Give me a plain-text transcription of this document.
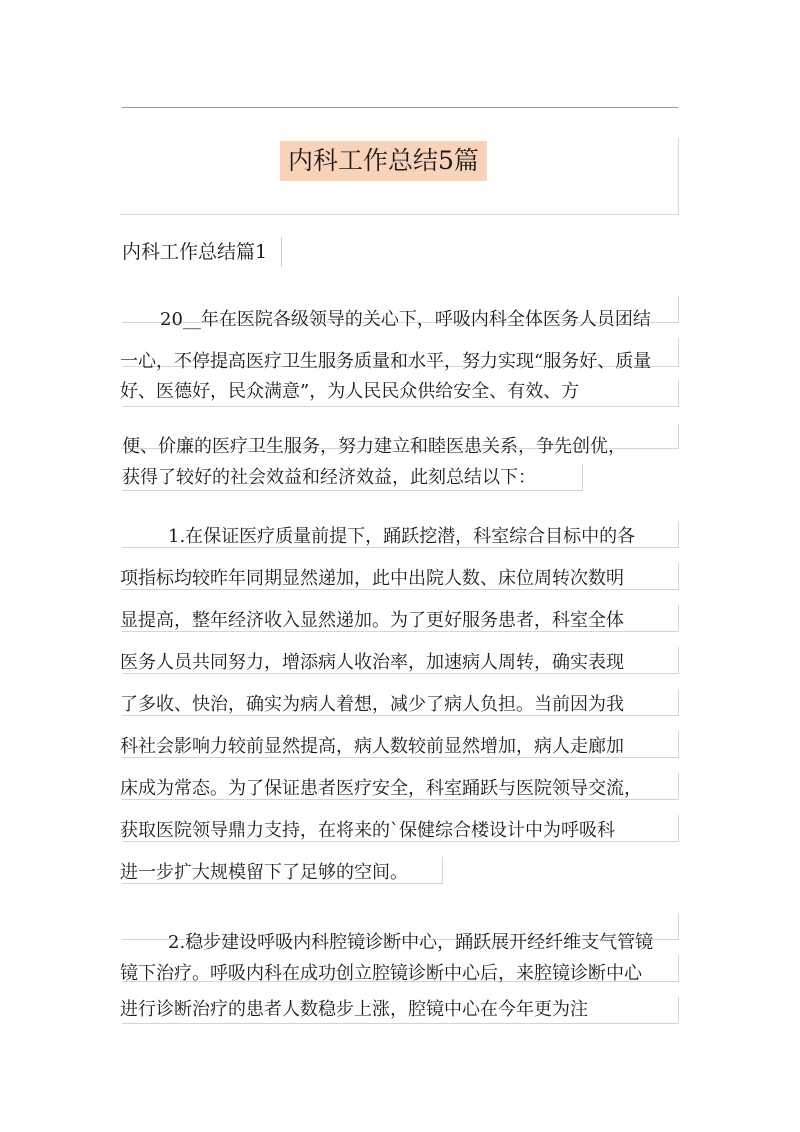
内科工作总结5篇
内科工作总结篇1
20__年在医院各级领导的关心下，呼吸内科全体医务人员团结
一心，不停提高医疗卫生服务质量和水平，努力实现“服务好、质量
好、医德好，民众满意”，为人民民众供给安全、有效、方
便、价廉的医疗卫生服务，努力建立和睦医患关系，争先创优，
获得了较好的社会效益和经济效益，此刻总结以下：
1.在保证医疗质量前提下，踊跃挖潜，科室综合目标中的各
项指标均较昨年同期显然递加，此中出院人数、床位周转次数明
显提高，整年经济收入显然递加。为了更好服务患者，科室全体
医务人员共同努力，增添病人收治率，加速病人周转，确实表现
了多收、快治，确实为病人着想，减少了病人负担。当前因为我
科社会影响力较前显然提高，病人数较前显然增加，病人走廊加
床成为常态。为了保证患者医疗安全，科室踊跃与医院领导交流，
获取医院领导鼎力支持，在将来的`保健综合楼设计中为呼吸科
进一步扩大规模留下了足够的空间。
2.稳步建设呼吸内科腔镜诊断中心，踊跃展开经纤维支气管镜
镜下治疗。呼吸内科在成功创立腔镜诊断中心后，来腔镜诊断中心
进行诊断治疗的患者人数稳步上涨，腔镜中心在今年更为注
